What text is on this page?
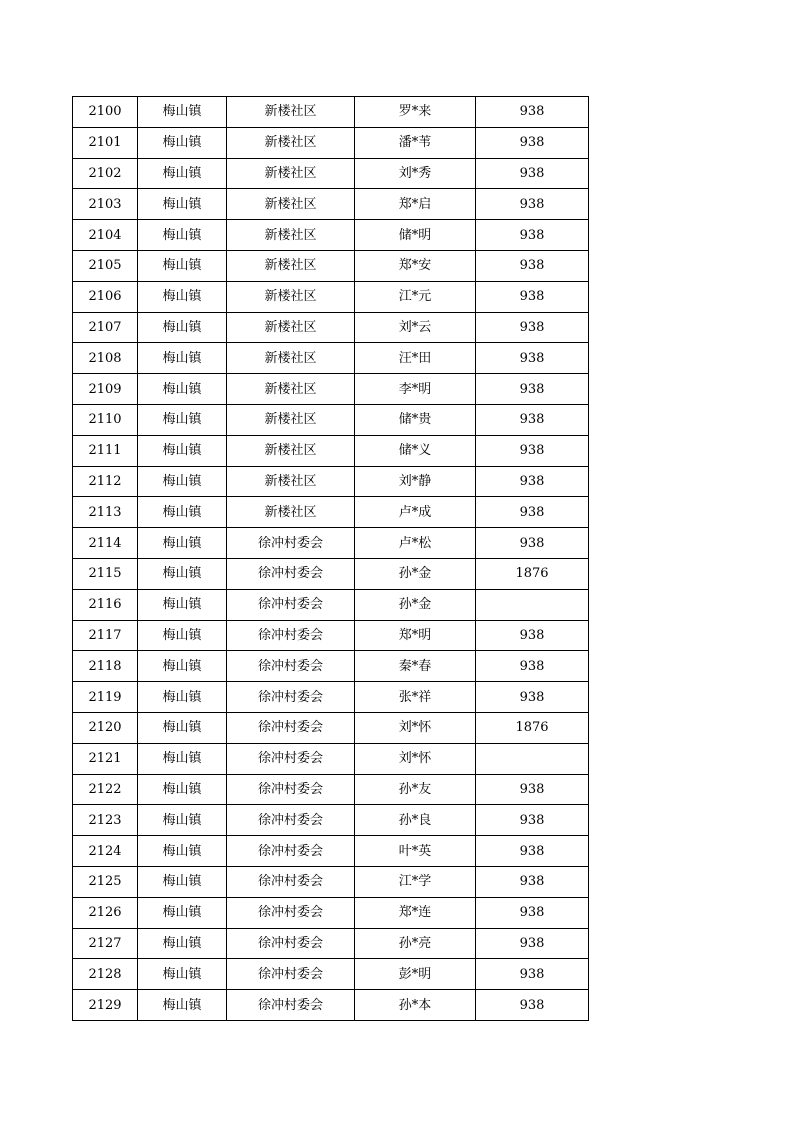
2100	梅山镇	新楼社区	罗*来	938
2101	梅山镇	新楼社区	潘*苇	938
2102	梅山镇	新楼社区	刘*秀	938
2103	梅山镇	新楼社区	郑*启	938
2104	梅山镇	新楼社区	储*明	938
2105	梅山镇	新楼社区	郑*安	938
2106	梅山镇	新楼社区	江*元	938
2107	梅山镇	新楼社区	刘*云	938
2108	梅山镇	新楼社区	汪*田	938
2109	梅山镇	新楼社区	李*明	938
2110	梅山镇	新楼社区	储*贵	938
2111	梅山镇	新楼社区	储*义	938
2112	梅山镇	新楼社区	刘*静	938
2113	梅山镇	新楼社区	卢*成	938
2114	梅山镇	徐冲村委会	卢*松	938
2115	梅山镇	徐冲村委会	孙*金	1876
2116	梅山镇	徐冲村委会	孙*金	
2117	梅山镇	徐冲村委会	郑*明	938
2118	梅山镇	徐冲村委会	秦*春	938
2119	梅山镇	徐冲村委会	张*祥	938
2120	梅山镇	徐冲村委会	刘*怀	1876
2121	梅山镇	徐冲村委会	刘*怀	
2122	梅山镇	徐冲村委会	孙*友	938
2123	梅山镇	徐冲村委会	孙*良	938
2124	梅山镇	徐冲村委会	叶*英	938
2125	梅山镇	徐冲村委会	江*学	938
2126	梅山镇	徐冲村委会	郑*连	938
2127	梅山镇	徐冲村委会	孙*亮	938
2128	梅山镇	徐冲村委会	彭*明	938
2129	梅山镇	徐冲村委会	孙*本	938
